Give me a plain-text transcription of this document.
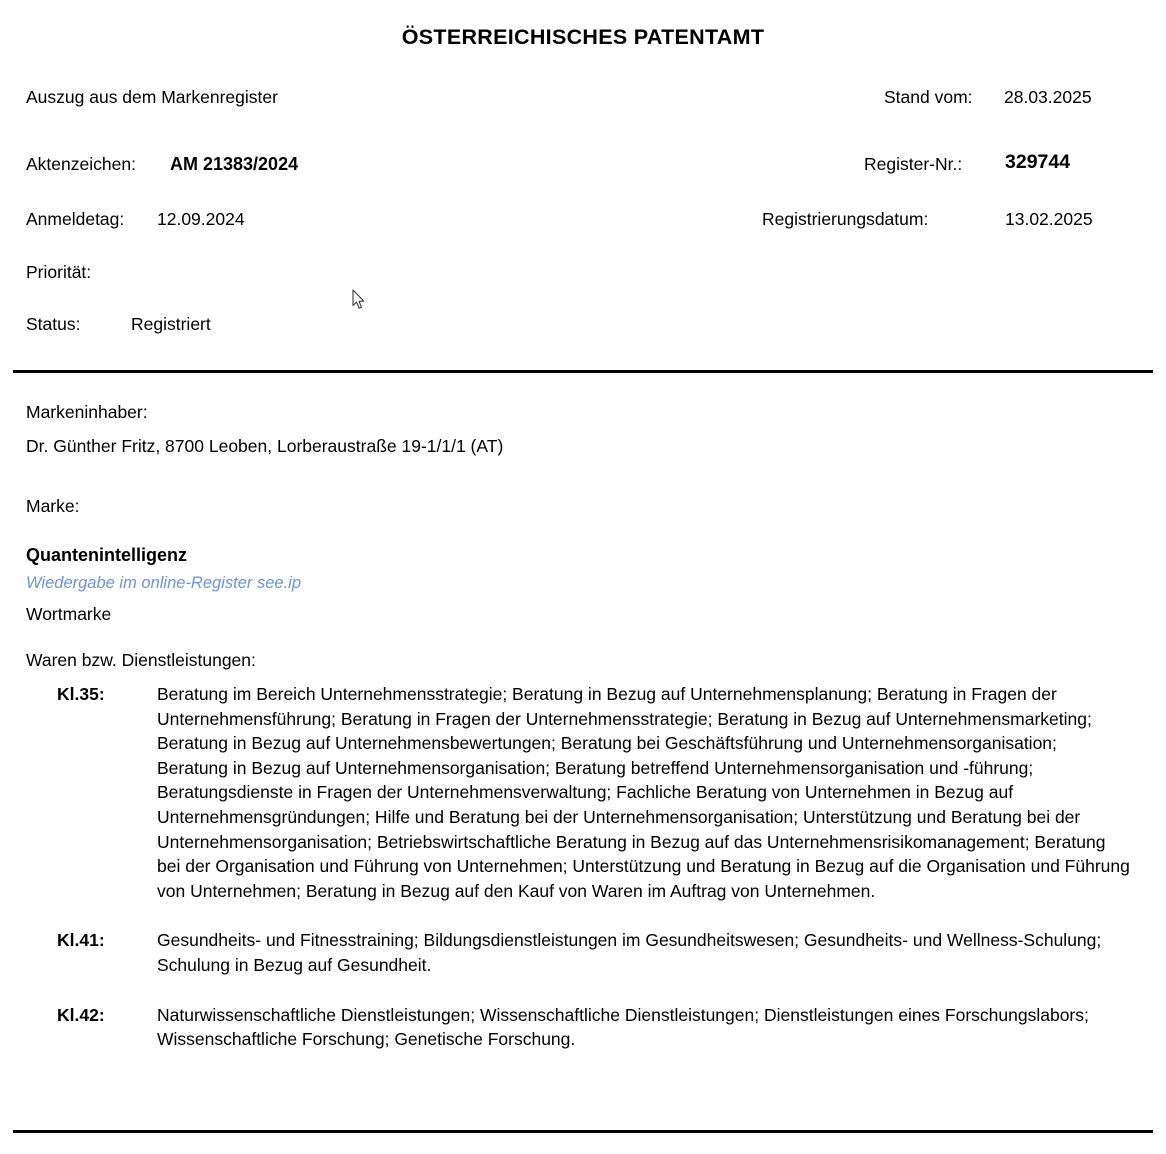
ÖSTERREICHISCHES PATENTAMT
Auszug aus dem Markenregister	Stand vom: 28.03.2025
Aktenzeichen: AM 21383/2024	Register-Nr.: 329744
Anmeldetag: 12.09.2024	Registrierungsdatum:	13.02.2025
Priorität:
Status:	Registriert
Markeninhaber:
Dr. Günther Fritz, 8700 Leoben, Lorberaustraße 19-1/1/1 (AT)
Marke:
Quantenintelligenz
Wiedergabe im online-Register see.ip
Wortmarke
Waren bzw. Dienstleistungen:
Kl.35:	Beratung im Bereich Unternehmensstrategie; Beratung in Bezug auf Unternehmensplanung; Beratung in Fragen der Unternehmensführung; Beratung in Fragen der Unternehmensstrategie; Beratung in Bezug auf Unternehmensmarketing; Beratung in Bezug auf Unternehmensbewertungen; Beratung bei Geschäftsführung und Unternehmensorganisation; Beratung in Bezug auf Unternehmensorganisation; Beratung betreffend Unternehmensorganisation und -führung; Beratungsdienste in Fragen der Unternehmensverwaltung; Fachliche Beratung von Unternehmen in Bezug auf Unternehmensgründungen; Hilfe und Beratung bei der Unternehmensorganisation; Unterstützung und Beratung bei der Unternehmensorganisation; Betriebswirtschaftliche Beratung in Bezug auf das Unternehmensrisikomanagement; Beratung bei der Organisation und Führung von Unternehmen; Unterstützung und Beratung in Bezug auf die Organisation und Führung von Unternehmen; Beratung in Bezug auf den Kauf von Waren im Auftrag von Unternehmen.
Kl.41:	Gesundheits- und Fitnesstraining; Bildungsdienstleistungen im Gesundheitswesen; Gesundheits- und Wellness-Schulung; Schulung in Bezug auf Gesundheit.
Kl.42:	Naturwissenschaftliche Dienstleistungen; Wissenschaftliche Dienstleistungen; Dienstleistungen eines Forschungslabors; Wissenschaftliche Forschung; Genetische Forschung.
